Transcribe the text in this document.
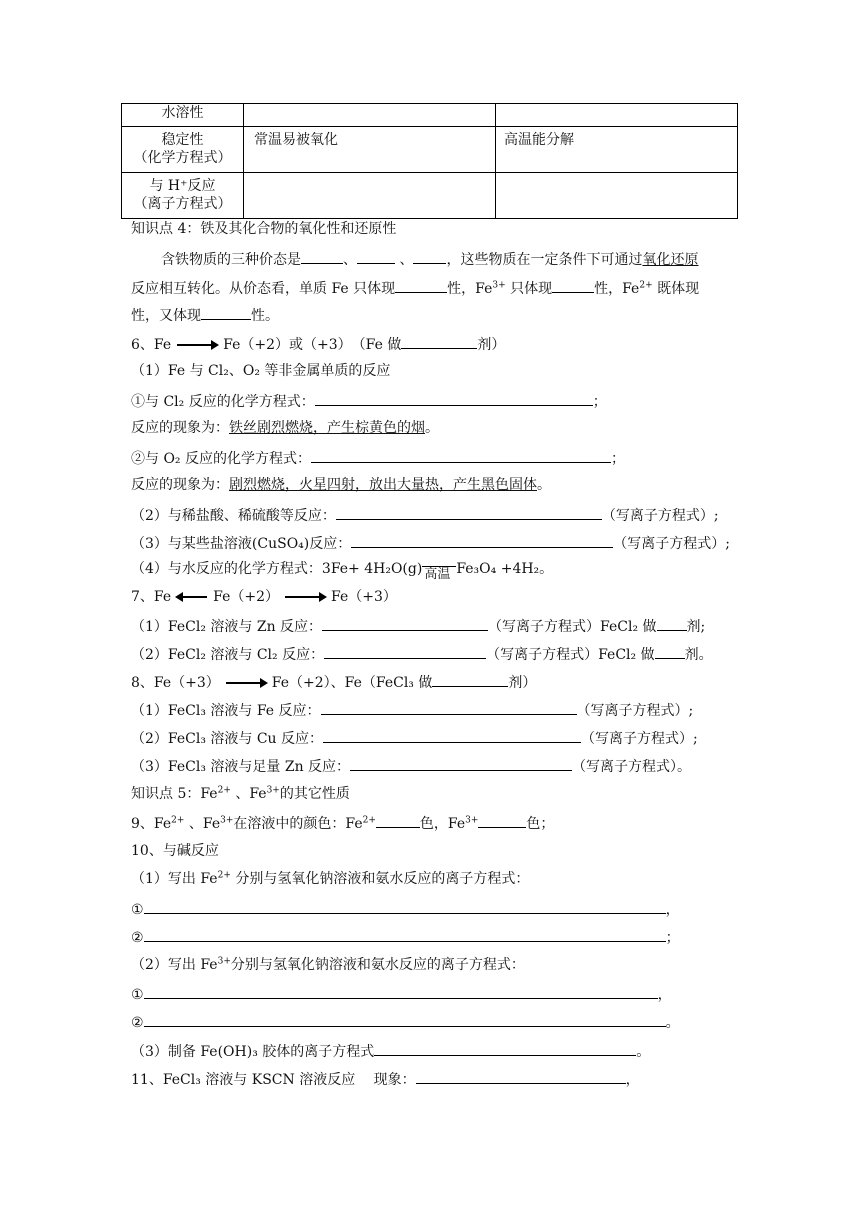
水溶性		

稳定性
（化学方程式）	常温易被氧化	高温能分解

与 H⁺反应
（离子方程式）		

知识点 4：铁及其化合物的氧化性和还原性
含铁物质的三种价态是	、	、 ，这些物质在一定条件下可通过氧化还原
反应相互转化。从价态看，单质 Fe 只体现	性，$Fe^{3+}$ 只体现	性，$Fe^{2+}$ 既体现
性，又体现	性。
6、Fe	Fe（+2）或（+3）　（Fe 做	剂）
（1）Fe 与 Cl₂、O₂ 等非金属单质的反应
①与 Cl₂ 反应的化学方程式：	；
反应的现象为：铁丝剧烈燃烧，产生棕黄色的烟。
②与 O₂ 反应的化学方程式：	；
反应的现象为：剧烈燃烧，火星四射，放出大量热，产生黑色固体。
（2）与稀盐酸、稀硫酸等反应：	（写离子方程式）;
（3）与某些盐溶液(CuSO₄)反应：	（写离子方程式）;
（4）与水反应的化学方程式：3Fe+ 4H₂O(g) 高温 Fe₃O₄ +4H₂。
7、Fe	Fe（+2）	Fe（+3）
（1）FeCl₂ 溶液与 Zn 反应：	（写离子方程式）FeCl₂ 做 剂;
（2）FeCl₂ 溶液与 Cl₂ 反应：	（写离子方程式）FeCl₂ 做 剂。
8、Fe（+3）	Fe（+2）、Fe（FeCl₃ 做	剂）
（1）FeCl₃ 溶液与 Fe 反应：	（写离子方程式）;
（2）FeCl₃ 溶液与 Cu 反应：	（写离子方程式）;
（3）FeCl₃ 溶液与足量 Zn 反应：	（写离子方程式）。
知识点 5：$Fe^{2+}$ 、$Fe^{3+}$的其它性质
9、$Fe^{2+}$ 、$Fe^{3+}$在溶液中的颜色：$Fe^{2+}$	色，$Fe^{3+}$	色；
10、与碱反应
（1）写出 $Fe^{2+}$ 分别与氢氧化钠溶液和氨水反应的离子方程式：
①	，
②	；
（2）写出 $Fe^{3+}$分别与氢氧化钠溶液和氨水反应的离子方程式：
①	，
②	。
（3）制备 Fe(OH)₃ 胶体的离子方程式	。
11、FeCl₃ 溶液与 KSCN 溶液反应　 现象：	，
